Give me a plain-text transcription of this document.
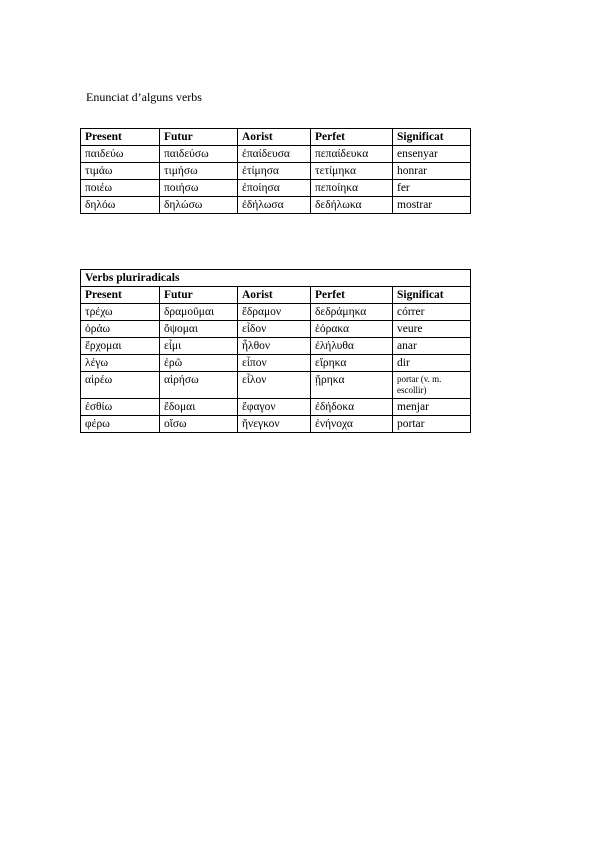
Enunciat d’alguns verbs
Present	Futur	Aorist	Perfet	Significat
παιδεύω	παιδεύσω	ἐπαίδευσα	πεπαίδευκα	ensenyar
τιμάω	τιμήσω	ἐτίμησα	τετίμηκα	honrar
ποιέω	ποιήσω	ἐποίησα	πεποίηκα	fer
δηλόω	δηλώσω	ἐδήλωσα	δεδήλωκα	mostrar
Verbs pluriradicals				
Present	Futur	Aorist	Perfet	Significat
τρέχω	δραμοῦμαι	ἔδραμον	δεδράμηκα	córrer
ὁράω	ὄψομαι	εἶδον	ἑόρακα	veure
ἔρχομαι	εἶμι	ἦλθον	ἐλήλυθα	anar
λέγω	ἐρῶ	εἶπον	εἴρηκα	dir
αἱρέω	αἱρήσω	εἷλον	ᾕρηκα	portar (v. m. escollir)
ἐσθίω	ἔδομαι	ἔφαγον	ἐδήδοκα	menjar
φέρω	οἴσω	ἤνεγκον	ἐνήνοχα	portar
